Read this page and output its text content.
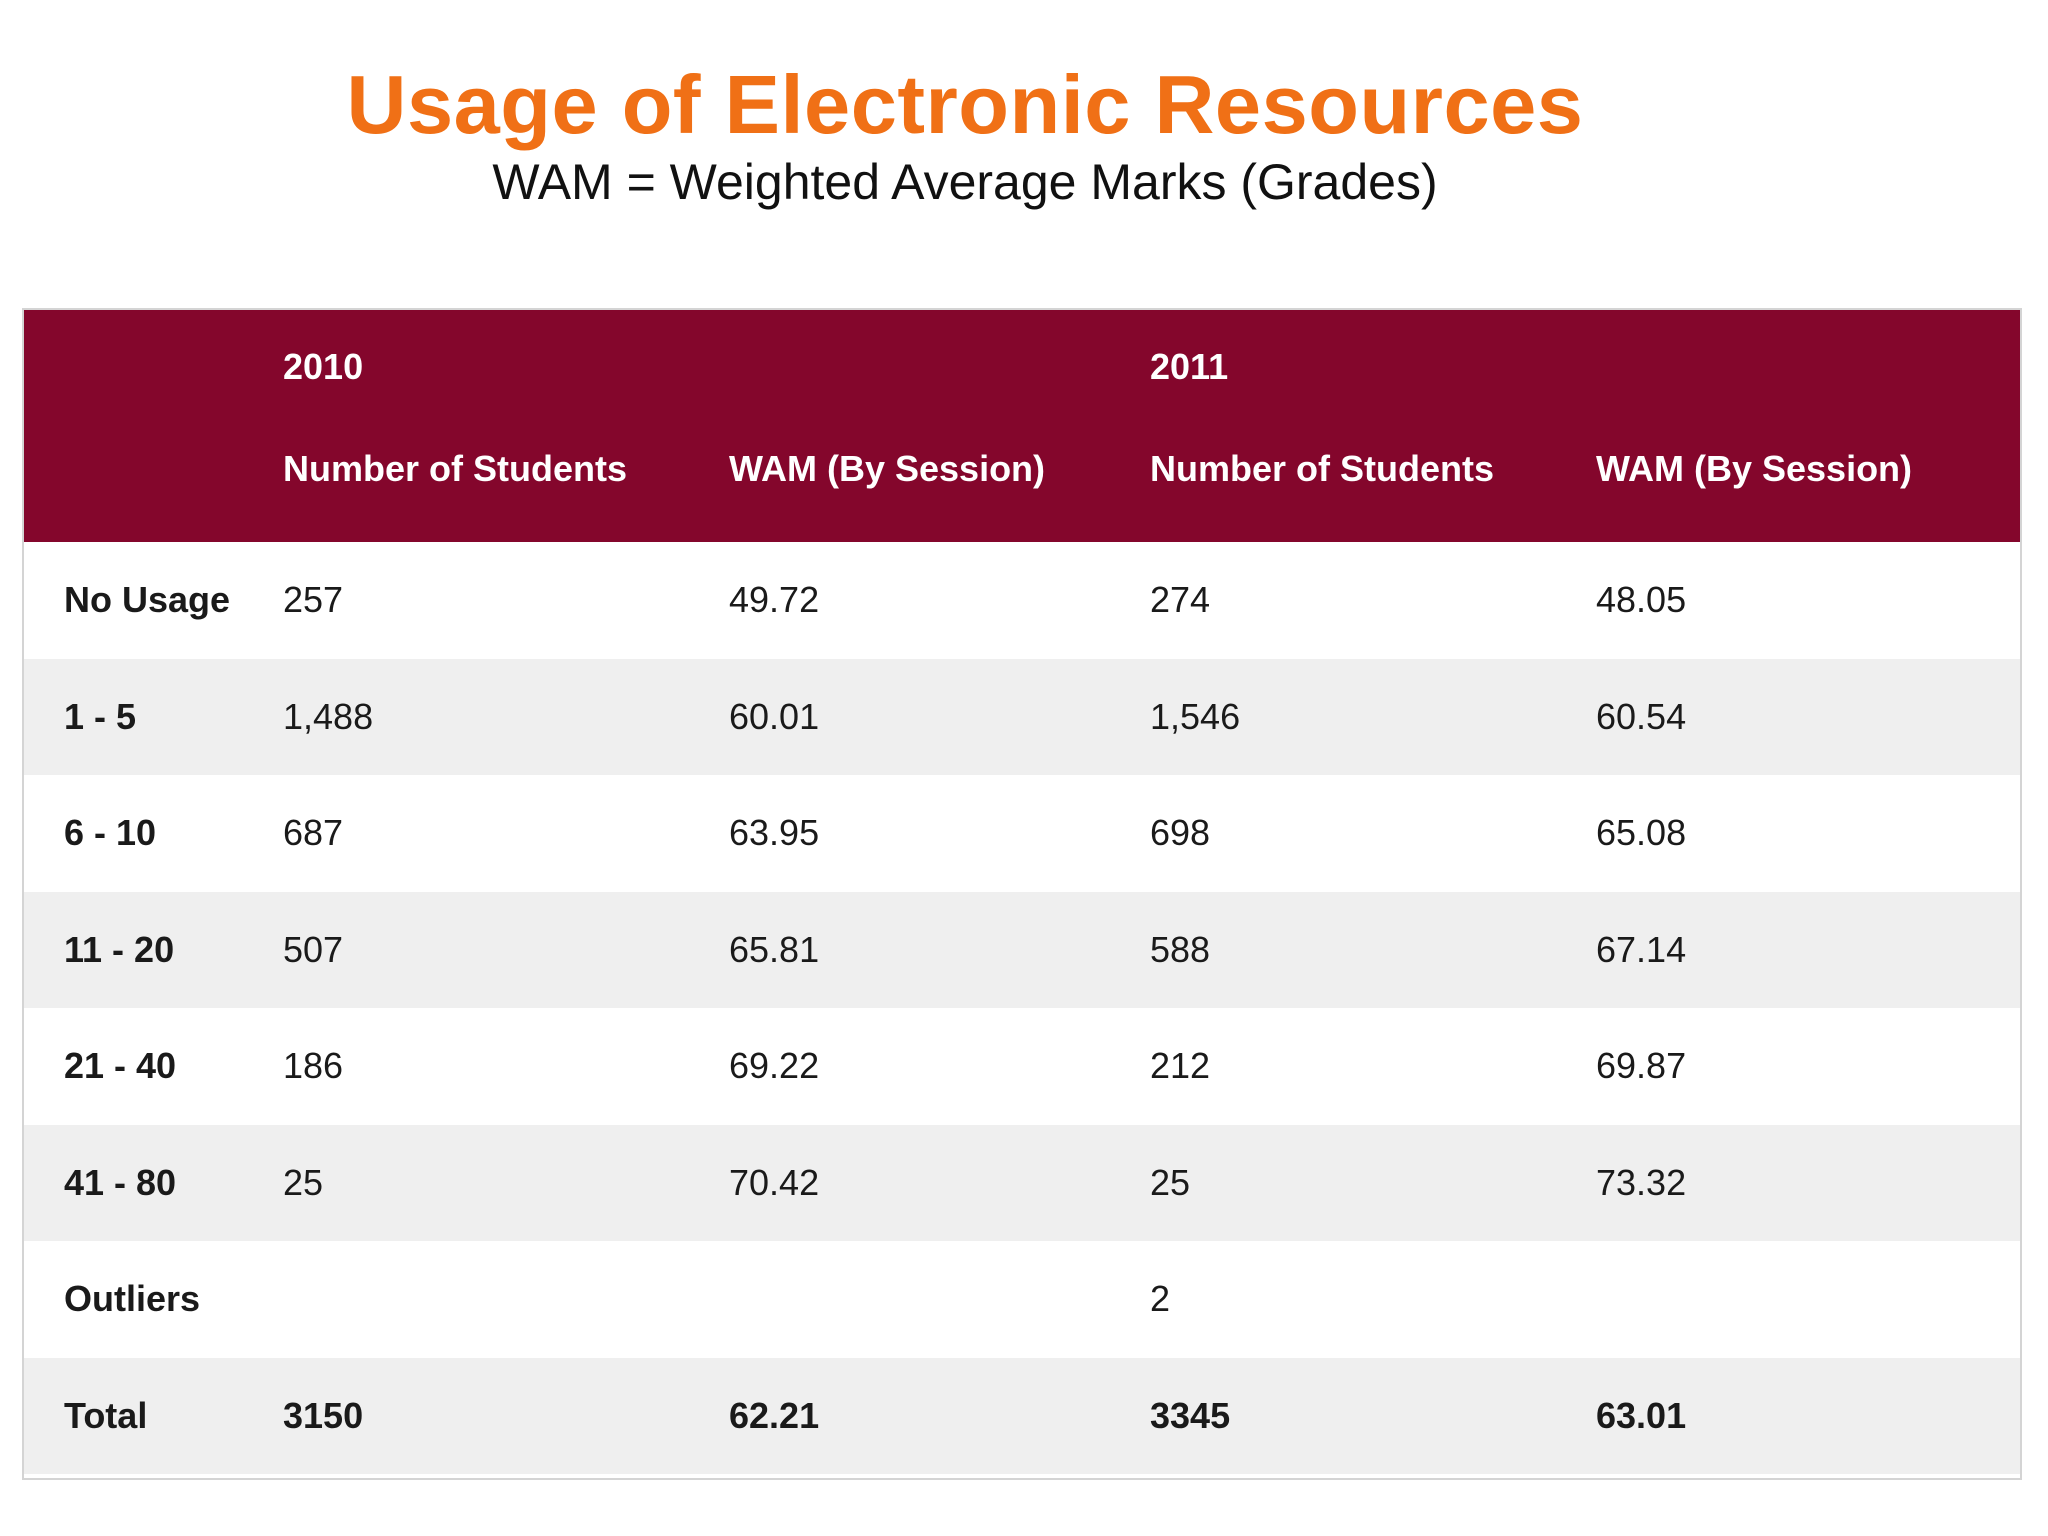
Usage of Electronic Resources
WAM = Weighted Average Marks (Grades)
	2010		2011	
	Number of Students	WAM (By Session)	Number of Students	WAM (By Session)
No Usage	257	49.72	274	48.05
1 - 5	1,488	60.01	1,546	60.54
6 - 10	687	63.95	698	65.08
11 - 20	507	65.81	588	67.14
21 - 40	186	69.22	212	69.87
41 - 80	25	70.42	25	73.32
Outliers			2	
Total	3150	62.21	3345	63.01
